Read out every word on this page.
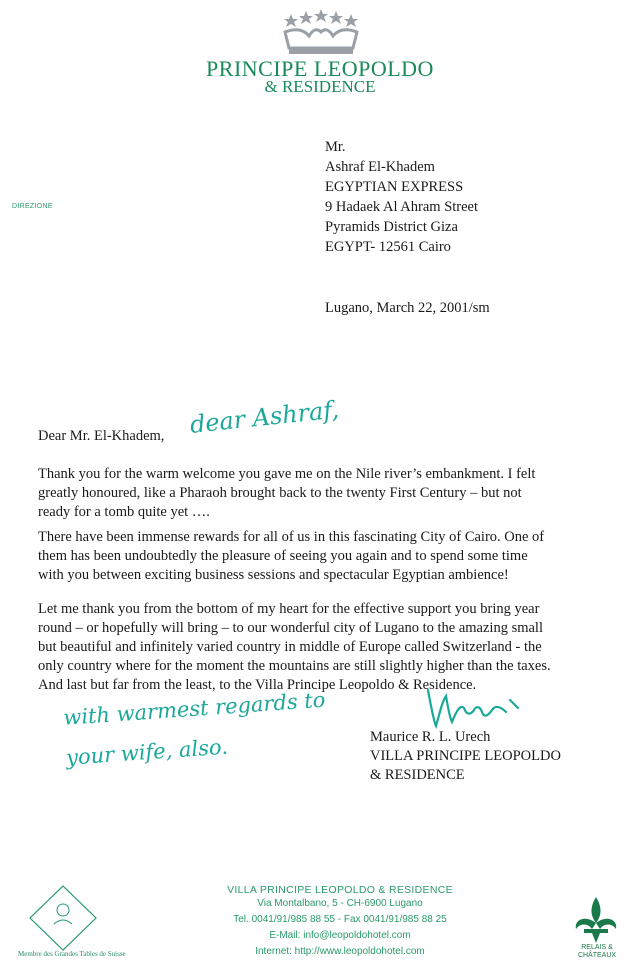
PRINCIPE LEOPOLDO
& RESIDENCE
DIREZIONE
Mr.
Ashraf El-Khadem
EGYPTIAN EXPRESS
9 Hadaek Al Ahram Street
Pyramids District Giza
EGYPT- 12561 Cairo
Lugano, March 22, 2001/sm
Dear Mr. El-Khadem, dear Ashraf,
Thank you for the warm welcome you gave me on the Nile river’s embankment. I felt
greatly honoured, like a Pharaoh brought back to the twenty First Century – but not
ready for a tomb quite yet ….
There have been immense rewards for all of us in this fascinating City of Cairo. One of
them has been undoubtedly the pleasure of seeing you again and to spend some time
with you between exciting business sessions and spectacular Egyptian ambience!
Let me thank you from the bottom of my heart for the effective support you bring year
round – or hopefully will bring – to our wonderful city of Lugano to the amazing small
but beautiful and infinitely varied country in middle of Europe called Switzerland - the
only country where for the moment the mountains are still slightly higher than the taxes.
And last but far from the least, to the Villa Principe Leopoldo & Residence.
with warmest regards to
your wife, also.	Maurice R. L. Urech
VILLA PRINCIPE LEOPOLDO
& RESIDENCE
Membre des Grandes Tables de Suisse
VILLA PRINCIPE LEOPOLDO & RESIDENCE
Via Montalbano, 5 - CH-6900 Lugano
Tel. 0041/91/985 88 55 - Fax 0041/91/985 88 25
E-Mail: info@leopoldohotel.com
Internet: http://www.leopoldohotel.com	RELAIS &
CHÂTEAUX
